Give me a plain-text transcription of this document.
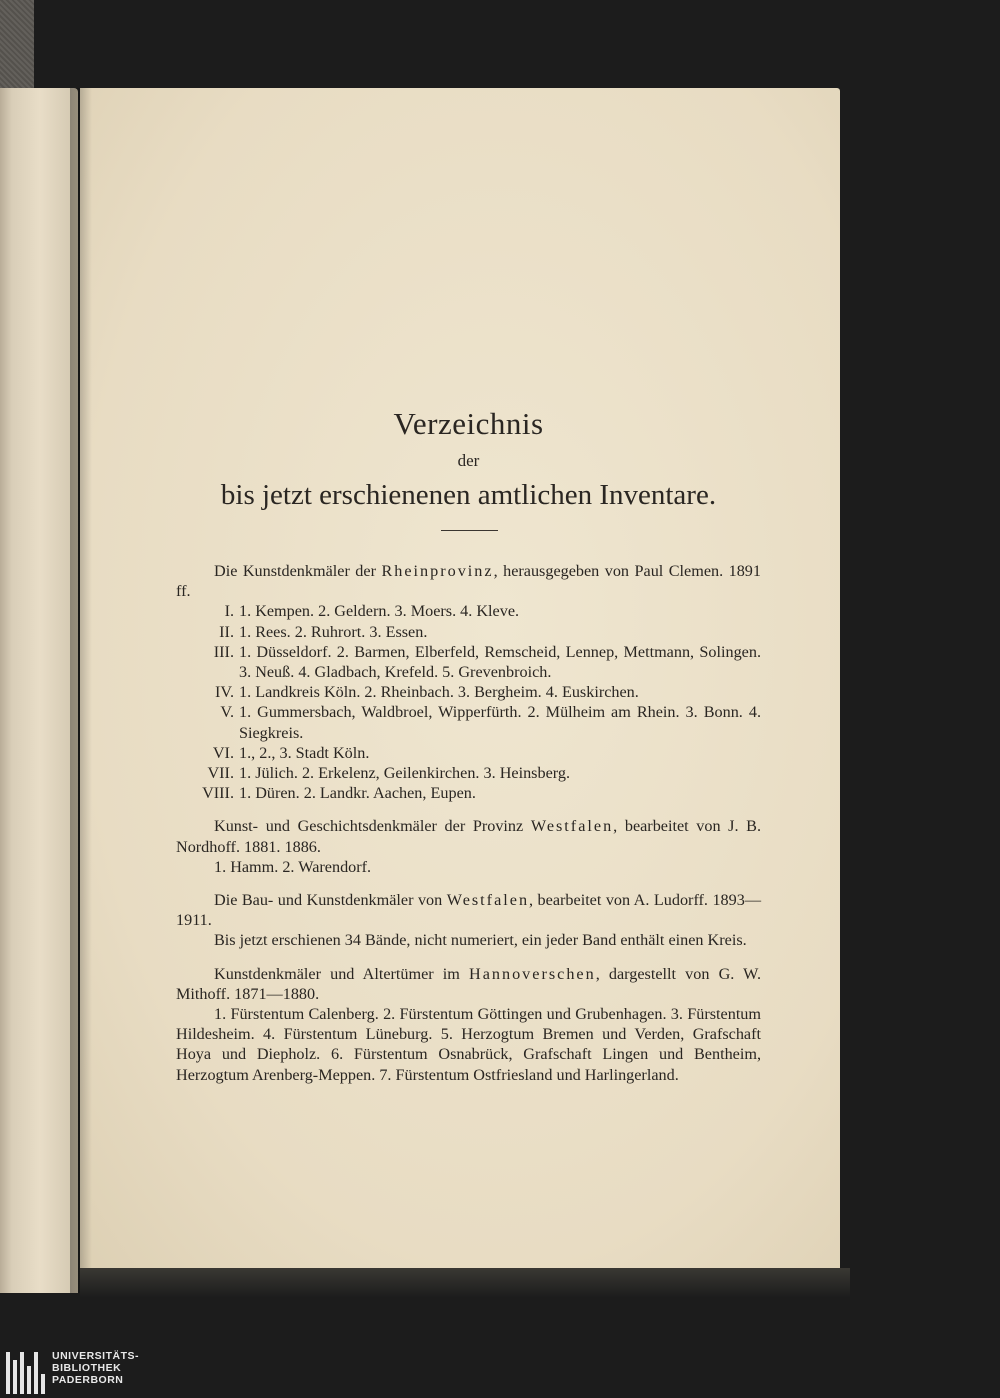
Verzeichnis
der
bis jetzt erschienenen amtlichen Inventare.

Die Kunstdenkmäler der Rheinprovinz, herausgegeben von Paul Clemen. 1891 ff.

I. 1. Kempen. 2. Geldern. 3. Moers. 4. Kleve.
II. 1. Rees. 2. Ruhrort. 3. Essen.
III. 1. Düsseldorf. 2. Barmen, Elberfeld, Remscheid, Lennep, Mettmann, Solingen. 3. Neuß. 4. Gladbach, Krefeld. 5. Grevenbroich.
IV. 1. Landkreis Köln. 2. Rheinbach. 3. Bergheim. 4. Euskirchen.
V. 1. Gummersbach, Waldbroel, Wipperfürth. 2. Mülheim am Rhein. 3. Bonn. 4. Siegkreis.
VI. 1., 2., 3. Stadt Köln.
VII. 1. Jülich. 2. Erkelenz, Geilenkirchen. 3. Heinsberg.
VIII. 1. Düren. 2. Landkr. Aachen, Eupen.

Kunst- und Geschichtsdenkmäler der Provinz Westfalen, bearbeitet von J. B. Nordhoff. 1881. 1886.

1. Hamm. 2. Warendorf.

Die Bau- und Kunstdenkmäler von Westfalen, bearbeitet von A. Ludorff. 1893—1911.

Bis jetzt erschienen 34 Bände, nicht numeriert, ein jeder Band enthält einen Kreis.

Kunstdenkmäler und Altertümer im Hannoverschen, dargestellt von G. W. Mithoff. 1871—1880.

1. Fürstentum Calenberg. 2. Fürstentum Göttingen und Grubenhagen. 3. Fürstentum Hildesheim. 4. Fürstentum Lüneburg. 5. Herzogtum Bremen und Verden, Grafschaft Hoya und Diepholz. 6. Fürstentum Osnabrück, Grafschaft Lingen und Bentheim, Herzogtum Arenberg-Meppen. 7. Fürstentum Ostfriesland und Harlingerland.

UNIVERSITÄTS-
BIBLIOTHEK
PADERBORN
